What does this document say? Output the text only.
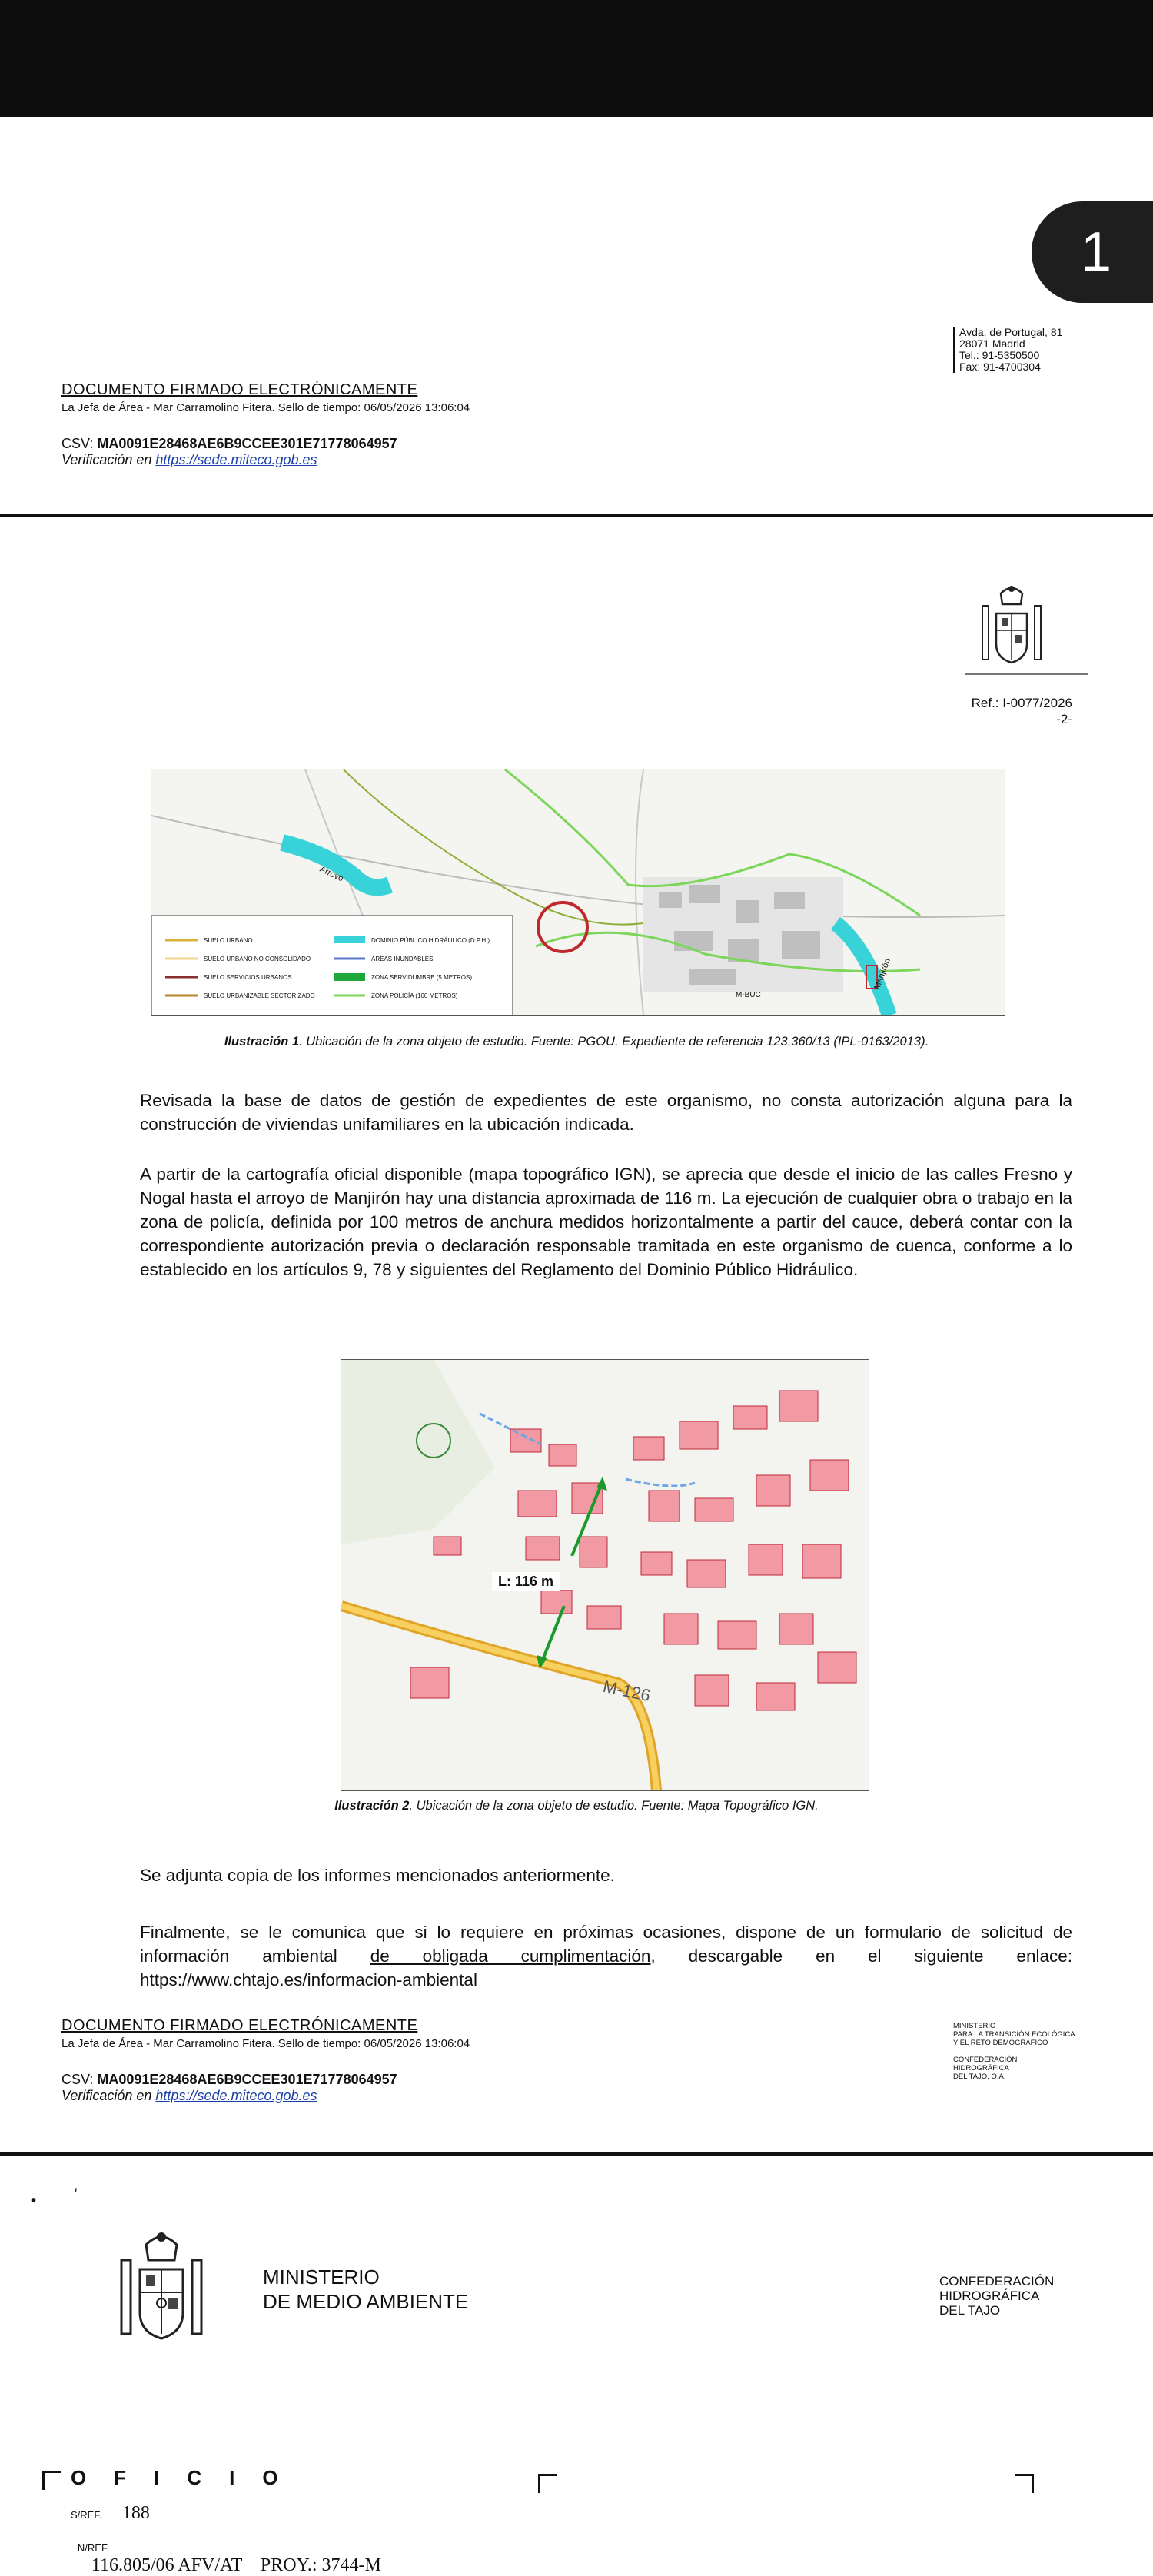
1
Avda. de Portugal, 81
28071 Madrid
Tel.: 91-5350500
Fax: 91-4700304
DOCUMENTO FIRMADO ELECTRÓNICAMENTE
La Jefa de Área - Mar Carramolino Fitera. Sello de tiempo: 06/05/2026 13:06:04
CSV: MA0091E28468AE6B9CCEE301E71778064957
Verificación en https://sede.miteco.gob.es
Ref.: I-0077/2026
-2-
SUELO URBANO
SUELO URBANO NO CONSOLIDADO
SUELO SERVICIOS URBANOS
SUELO URBANIZABLE SECTORIZADO
DOMINIO PÚBLICO HIDRÁULICO (D.P.H.)
ÁREAS INUNDABLES
ZONA SERVIDUMBRE (5 METROS)
ZONA POLICÍA (100 METROS)
Arroyo
Manjirón
M-BUC
Ilustración 1. Ubicación de la zona objeto de estudio. Fuente: PGOU. Expediente de referencia 123.360/13 (IPL-0163/2013).
Revisada la base de datos de gestión de expedientes de este organismo, no consta autorización alguna para la construcción de viviendas unifamiliares en la ubicación indicada.
A partir de la cartografía oficial disponible (mapa topográfico IGN), se aprecia que desde el inicio de las calles Fresno y Nogal hasta el arroyo de Manjirón hay una distancia aproximada de 116 m. La ejecución de cualquier obra o trabajo en la zona de policía, definida por 100 metros de anchura medidos horizontalmente a partir del cauce, deberá contar con la correspondiente autorización previa o declaración responsable tramitada en este organismo de cuenca, conforme a lo establecido en los artículos 9, 78 y siguientes del Reglamento del Dominio Público Hidráulico.
L: 116 m
M-126
Ilustración 2. Ubicación de la zona objeto de estudio. Fuente: Mapa Topográfico IGN.
Se adjunta copia de los informes mencionados anteriormente.
Finalmente, se le comunica que si lo requiere en próximas ocasiones, dispone de un formulario de solicitud de información ambiental de obligada cumplimentación, descargable en el siguiente enlace: https://www.chtajo.es/informacion-ambiental
DOCUMENTO FIRMADO ELECTRÓNICAMENTE
La Jefa de Área - Mar Carramolino Fitera. Sello de tiempo: 06/05/2026 13:06:04
CSV: MA0091E28468AE6B9CCEE301E71778064957
Verificación en https://sede.miteco.gob.es
MINISTERIO
PARA LA TRANSICIÓN ECOLÓGICA
Y EL RETO DEMOGRÁFICO
CONFEDERACIÓN
HIDROGRÁFICA
DEL TAJO, O.A.
• ’
MINISTERIO
DE MEDIO AMBIENTE
CONFEDERACIÓN
HIDROGRÁFICA
DEL TAJO
OFICIO
S/REF. 188

N/REF.
116.805/06 AFV/AT    PROY.: 3744-M
